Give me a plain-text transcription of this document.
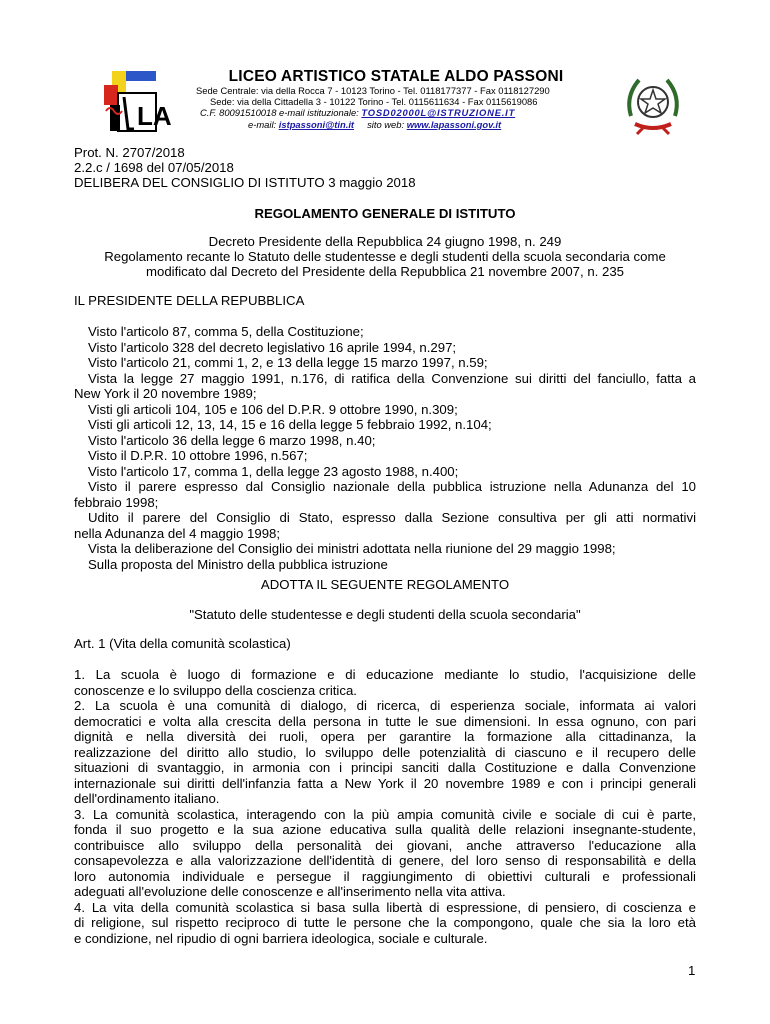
LA
LICEO ARTISTICO STATALE ALDO PASSONI
Sede Centrale: via della Rocca 7 - 10123 Torino - Tel. 0118177377 - Fax 0118127290
Sede: via della Cittadella 3 - 10122 Torino - Tel. 0115611634 - Fax 0115619086
C.F. 80091510018 e-mail istituzionale: TOSD02000L@ISTRUZIONE.IT
e-mail: istpassoni@tin.it sito web: www.lapassoni.gov.it
Prot. N. 2707/2018
2.2.c / 1698 del 07/05/2018
DELIBERA DEL CONSIGLIO DI ISTITUTO 3 maggio 2018
REGOLAMENTO GENERALE DI ISTITUTO
Decreto Presidente della Repubblica 24 giugno 1998, n. 249
Regolamento recante lo Statuto delle studentesse e degli studenti della scuola secondaria come
modificato dal Decreto del Presidente della Repubblica 21 novembre 2007, n. 235
IL PRESIDENTE DELLA REPUBBLICA
Visto l'articolo 87, comma 5, della Costituzione;
Visto l'articolo 328 del decreto legislativo 16 aprile 1994, n.297;
Visto l'articolo 21, commi 1, 2, e 13 della legge 15 marzo 1997, n.59;
Vista la legge 27 maggio 1991, n.176, di ratifica della Convenzione sui diritti del fanciullo, fatta a
New York il 20 novembre 1989;
Visti gli articoli 104, 105 e 106 del D.P.R. 9 ottobre 1990, n.309;
Visti gli articoli 12, 13, 14, 15 e 16 della legge 5 febbraio 1992, n.104;
Visto l'articolo 36 della legge 6 marzo 1998, n.40;
Visto il D.P.R. 10 ottobre 1996, n.567;
Visto l'articolo 17, comma 1, della legge 23 agosto 1988, n.400;
Visto il parere espresso dal Consiglio nazionale della pubblica istruzione nella Adunanza del 10
febbraio 1998;
Udito il parere del Consiglio di Stato, espresso dalla Sezione consultiva per gli atti normativi
nella Adunanza del 4 maggio 1998;
Vista la deliberazione del Consiglio dei ministri adottata nella riunione del 29 maggio 1998;
Sulla proposta del Ministro della pubblica istruzione
ADOTTA IL SEGUENTE REGOLAMENTO
"Statuto delle studentesse e degli studenti della scuola secondaria"
Art. 1 (Vita della comunità scolastica)
1. La scuola è luogo di formazione e di educazione mediante lo studio, l'acquisizione delle
conoscenze e lo sviluppo della coscienza critica.
2. La scuola è una comunità di dialogo, di ricerca, di esperienza sociale, informata ai valori
democratici e volta alla crescita della persona in tutte le sue dimensioni. In essa ognuno, con pari
dignità e nella diversità dei ruoli, opera per garantire la formazione alla cittadinanza, la
realizzazione del diritto allo studio, lo sviluppo delle potenzialità di ciascuno e il recupero delle
situazioni di svantaggio, in armonia con i principi sanciti dalla Costituzione e dalla Convenzione
internazionale sui diritti dell'infanzia fatta a New York il 20 novembre 1989 e con i principi generali
dell'ordinamento italiano.
3. La comunità scolastica, interagendo con la più ampia comunità civile e sociale di cui è parte,
fonda il suo progetto e la sua azione educativa sulla qualità delle relazioni insegnante-studente,
contribuisce allo sviluppo della personalità dei giovani, anche attraverso l'educazione alla
consapevolezza e alla valorizzazione dell'identità di genere, del loro senso di responsabilità e della
loro autonomia individuale e persegue il raggiungimento di obiettivi culturali e professionali
adeguati all'evoluzione delle conoscenze e all'inserimento nella vita attiva.
4. La vita della comunità scolastica si basa sulla libertà di espressione, di pensiero, di coscienza e
di religione, sul rispetto reciproco di tutte le persone che la compongono, quale che sia la loro età
e condizione, nel ripudio di ogni barriera ideologica, sociale e culturale.
1
